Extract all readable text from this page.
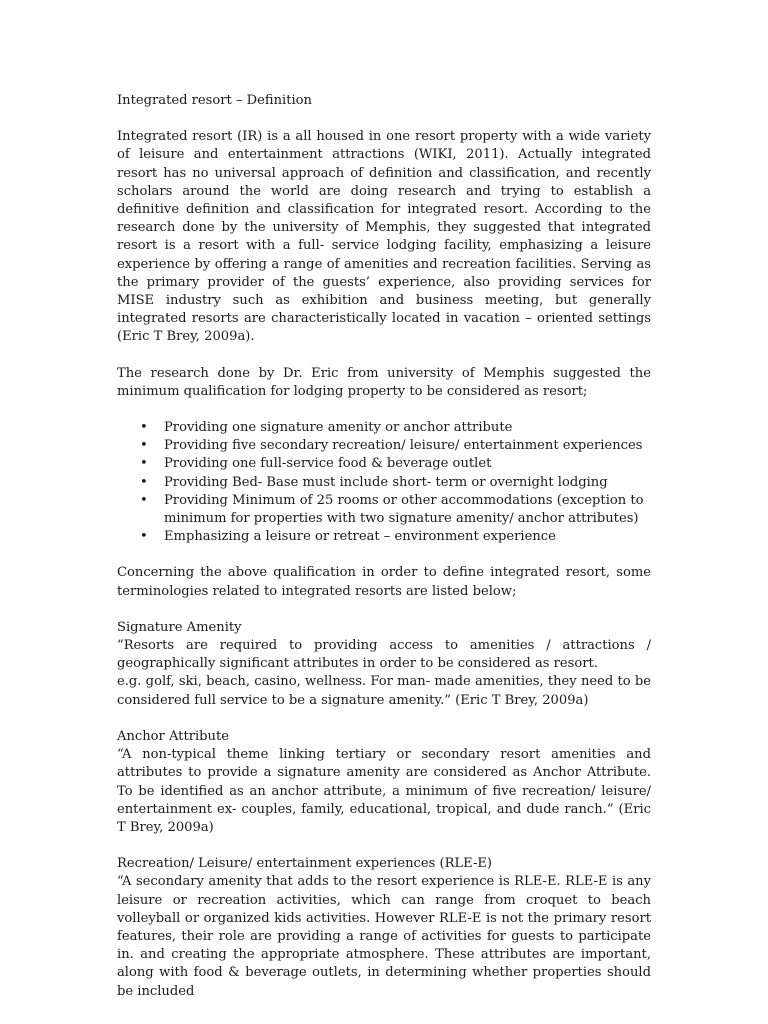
Integrated resort – Definition

Integrated resort (IR) is a all housed in one resort property with a wide variety of leisure and entertainment attractions (WIKI, 2011). Actually integrated resort has no universal approach of definition and classification, and recently scholars around the world are doing research and trying to establish a definitive definition and classification for integrated resort. According to the research done by the university of Memphis, they suggested that integrated resort is a resort with a full- service lodging facility, emphasizing a leisure experience by offering a range of amenities and recreation facilities. Serving as the primary provider of the guests’ experience, also providing services for MISE industry such as exhibition and business meeting, but generally integrated resorts are characteristically located in vacation – oriented settings (Eric T Brey, 2009a).

The research done by Dr. Eric from university of Memphis suggested the minimum qualification for lodging property to be considered as resort;

• Providing one signature amenity or anchor attribute
• Providing five secondary recreation/ leisure/ entertainment experiences
• Providing one full-service food & beverage outlet
• Providing Bed- Base must include short- term or overnight lodging
• Providing Minimum of 25 rooms or other accommodations (exception to minimum for properties with two signature amenity/ anchor attributes)
• Emphasizing a leisure or retreat – environment experience

Concerning the above qualification in order to define integrated resort, some terminologies related to integrated resorts are listed below;

Signature Amenity
“Resorts are required to providing access to amenities / attractions / geographically significant attributes in order to be considered as resort.
e.g. golf, ski, beach, casino, wellness. For man- made amenities, they need to be considered full service to be a signature amenity.” (Eric T Brey, 2009a)
Anchor Attribute
“A non-typical theme linking tertiary or secondary resort amenities and attributes to provide a signature amenity are considered as Anchor Attribute. To be identified as an anchor attribute, a minimum of five recreation/ leisure/ entertainment ex- couples, family, educational, tropical, and dude ranch.” (Eric T Brey, 2009a)
Recreation/ Leisure/ entertainment experiences (RLE-E)
“A secondary amenity that adds to the resort experience is RLE-E. RLE-E is any leisure or recreation activities, which can range from croquet to beach volleyball or organized kids activities. However RLE-E is not the primary resort features, their role are providing a range of activities for guests to participate in. and creating the appropriate atmosphere. These attributes are important, along with food & beverage outlets, in determining whether properties should be included
